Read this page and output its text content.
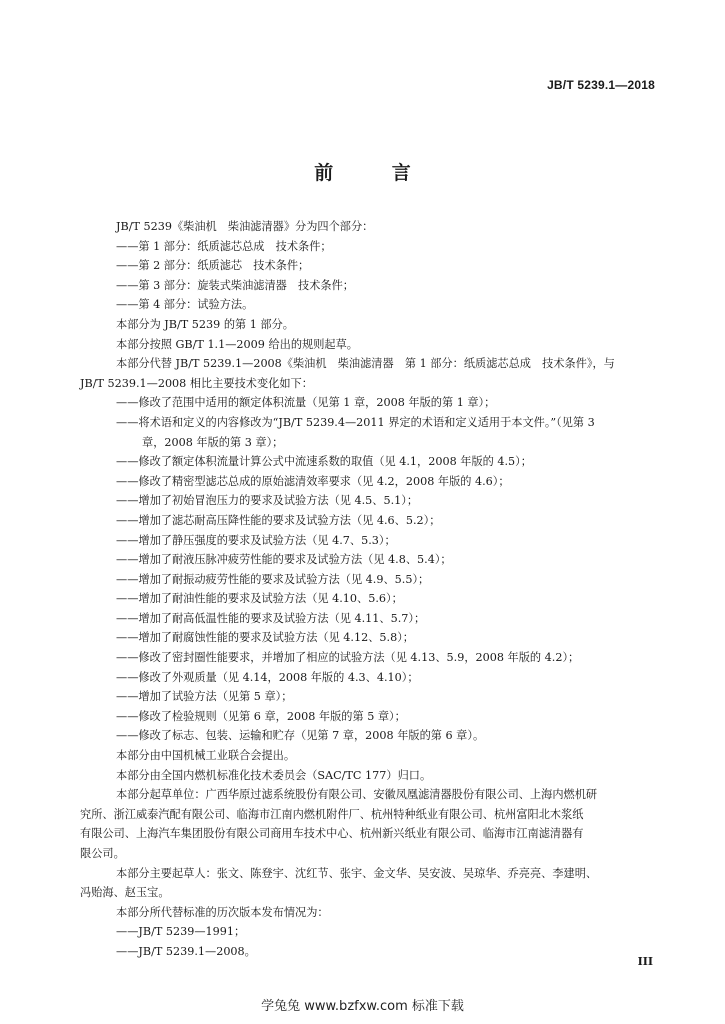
JB/T 5239.1—2018
前 言
JB/T 5239《柴油机　柴油滤清器》分为四个部分：
——第 1 部分：纸质滤芯总成　技术条件；
——第 2 部分：纸质滤芯　技术条件；
——第 3 部分：旋装式柴油滤清器　技术条件；
——第 4 部分：试验方法。
本部分为 JB/T 5239 的第 1 部分。
本部分按照 GB/T 1.1—2009 给出的规则起草。
本部分代替 JB/T 5239.1—2008《柴油机　柴油滤清器　第 1 部分：纸质滤芯总成　技术条件》，与
JB/T 5239.1—2008 相比主要技术变化如下：
——修改了范围中适用的额定体积流量（见第 1 章，2008 年版的第 1 章）；
——将术语和定义的内容修改为“JB/T 5239.4—2011 界定的术语和定义适用于本文件。”（见第 3
章，2008 年版的第 3 章）；
——修改了额定体积流量计算公式中流速系数的取值（见 4.1，2008 年版的 4.5）；
——修改了精密型滤芯总成的原始滤清效率要求（见 4.2，2008 年版的 4.6）；
——增加了初始冒泡压力的要求及试验方法（见 4.5、5.1）；
——增加了滤芯耐高压降性能的要求及试验方法（见 4.6、5.2）；
——增加了静压强度的要求及试验方法（见 4.7、5.3）；
——增加了耐液压脉冲疲劳性能的要求及试验方法（见 4.8、5.4）；
——增加了耐振动疲劳性能的要求及试验方法（见 4.9、5.5）；
——增加了耐油性能的要求及试验方法（见 4.10、5.6）；
——增加了耐高低温性能的要求及试验方法（见 4.11、5.7）；
——增加了耐腐蚀性能的要求及试验方法（见 4.12、5.8）；
——修改了密封圈性能要求，并增加了相应的试验方法（见 4.13、5.9，2008 年版的 4.2）；
——修改了外观质量（见 4.14，2008 年版的 4.3、4.10）；
——增加了试验方法（见第 5 章）；
——修改了检验规则（见第 6 章，2008 年版的第 5 章）；
——修改了标志、包装、运输和贮存（见第 7 章，2008 年版的第 6 章）。
本部分由中国机械工业联合会提出。
本部分由全国内燃机标准化技术委员会（SAC/TC 177）归口。
本部分起草单位：广西华原过滤系统股份有限公司、安徽凤凰滤清器股份有限公司、上海内燃机研
究所、浙江威泰汽配有限公司、临海市江南内燃机附件厂、杭州特种纸业有限公司、杭州富阳北木浆纸
有限公司、上海汽车集团股份有限公司商用车技术中心、杭州新兴纸业有限公司、临海市江南滤清器有
限公司。
本部分主要起草人：张文、陈登宇、沈红节、张宇、金文华、吴安波、吴琼华、乔亮亮、李建明、
冯贻海、赵玉宝。
本部分所代替标准的历次版本发布情况为：
——JB/T 5239—1991；
——JB/T 5239.1—2008。
III
学兔兔 www.bzfxw.com 标准下载
